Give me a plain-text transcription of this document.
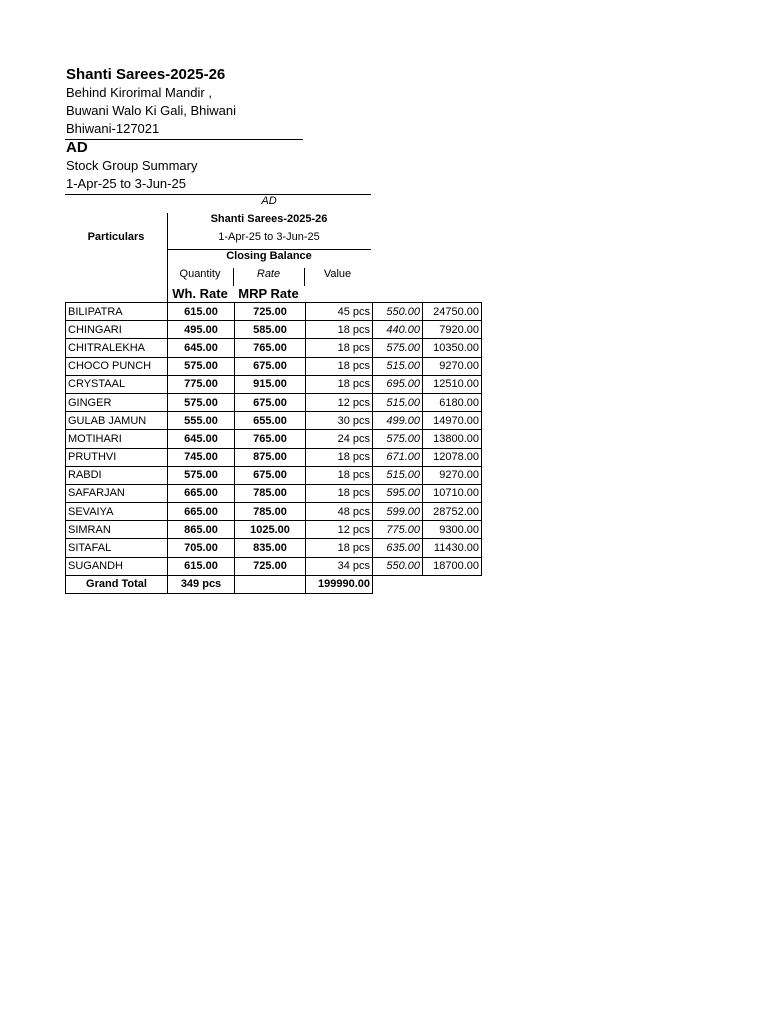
Shanti Sarees-2025-26
Behind Kirorimal Mandir ,
Buwani Walo Ki Gali, Bhiwani
Bhiwani-127021
AD
Stock Group Summary
1-Apr-25 to 3-Jun-25
AD
Shanti Sarees-2025-26
1-Apr-25 to 3-Jun-25
Particulars
Closing Balance
Quantity	Rate	Value
Wh. Rate MRP Rate
BILIPATRA	615.00	725.00	45 pcs	550.00	24750.00
CHINGARI	495.00	585.00	18 pcs	440.00	7920.00
CHITRALEKHA	645.00	765.00	18 pcs	575.00	10350.00
CHOCO PUNCH	575.00	675.00	18 pcs	515.00	9270.00
CRYSTAAL	775.00	915.00	18 pcs	695.00	12510.00
GINGER	575.00	675.00	12 pcs	515.00	6180.00
GULAB JAMUN	555.00	655.00	30 pcs	499.00	14970.00
MOTIHARI	645.00	765.00	24 pcs	575.00	13800.00
PRUTHVI	745.00	875.00	18 pcs	671.00	12078.00
RABDI	575.00	675.00	18 pcs	515.00	9270.00
SAFARJAN	665.00	785.00	18 pcs	595.00	10710.00
SEVAIYA	665.00	785.00	48 pcs	599.00	28752.00
SIMRAN	865.00	1025.00	12 pcs	775.00	9300.00
SITAFAL	705.00	835.00	18 pcs	635.00	11430.00
SUGANDH	615.00	725.00	34 pcs	550.00	18700.00
Grand Total	349 pcs		199990.00		
